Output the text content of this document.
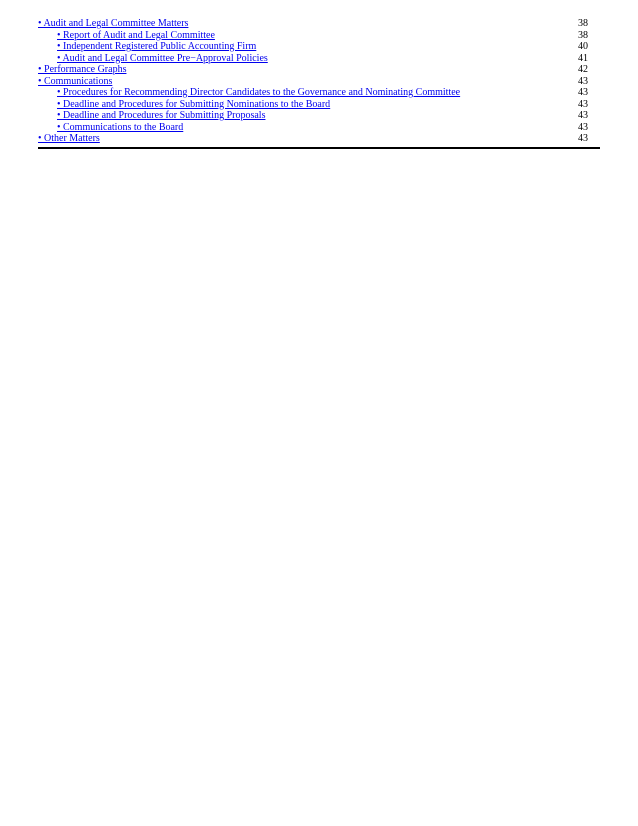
• Audit and Legal Committee Matters	38
• Report of Audit and Legal Committee	38
• Independent Registered Public Accounting Firm	40
• Audit and Legal Committee Pre−Approval Policies	41
• Performance Graphs	42
• Communications	43
• Procedures for Recommending Director Candidates to the Governance and Nominating Committee	43
• Deadline and Procedures for Submitting Nominations to the Board	43
• Deadline and Procedures for Submitting Proposals	43
• Communications to the Board	43
• Other Matters	43
